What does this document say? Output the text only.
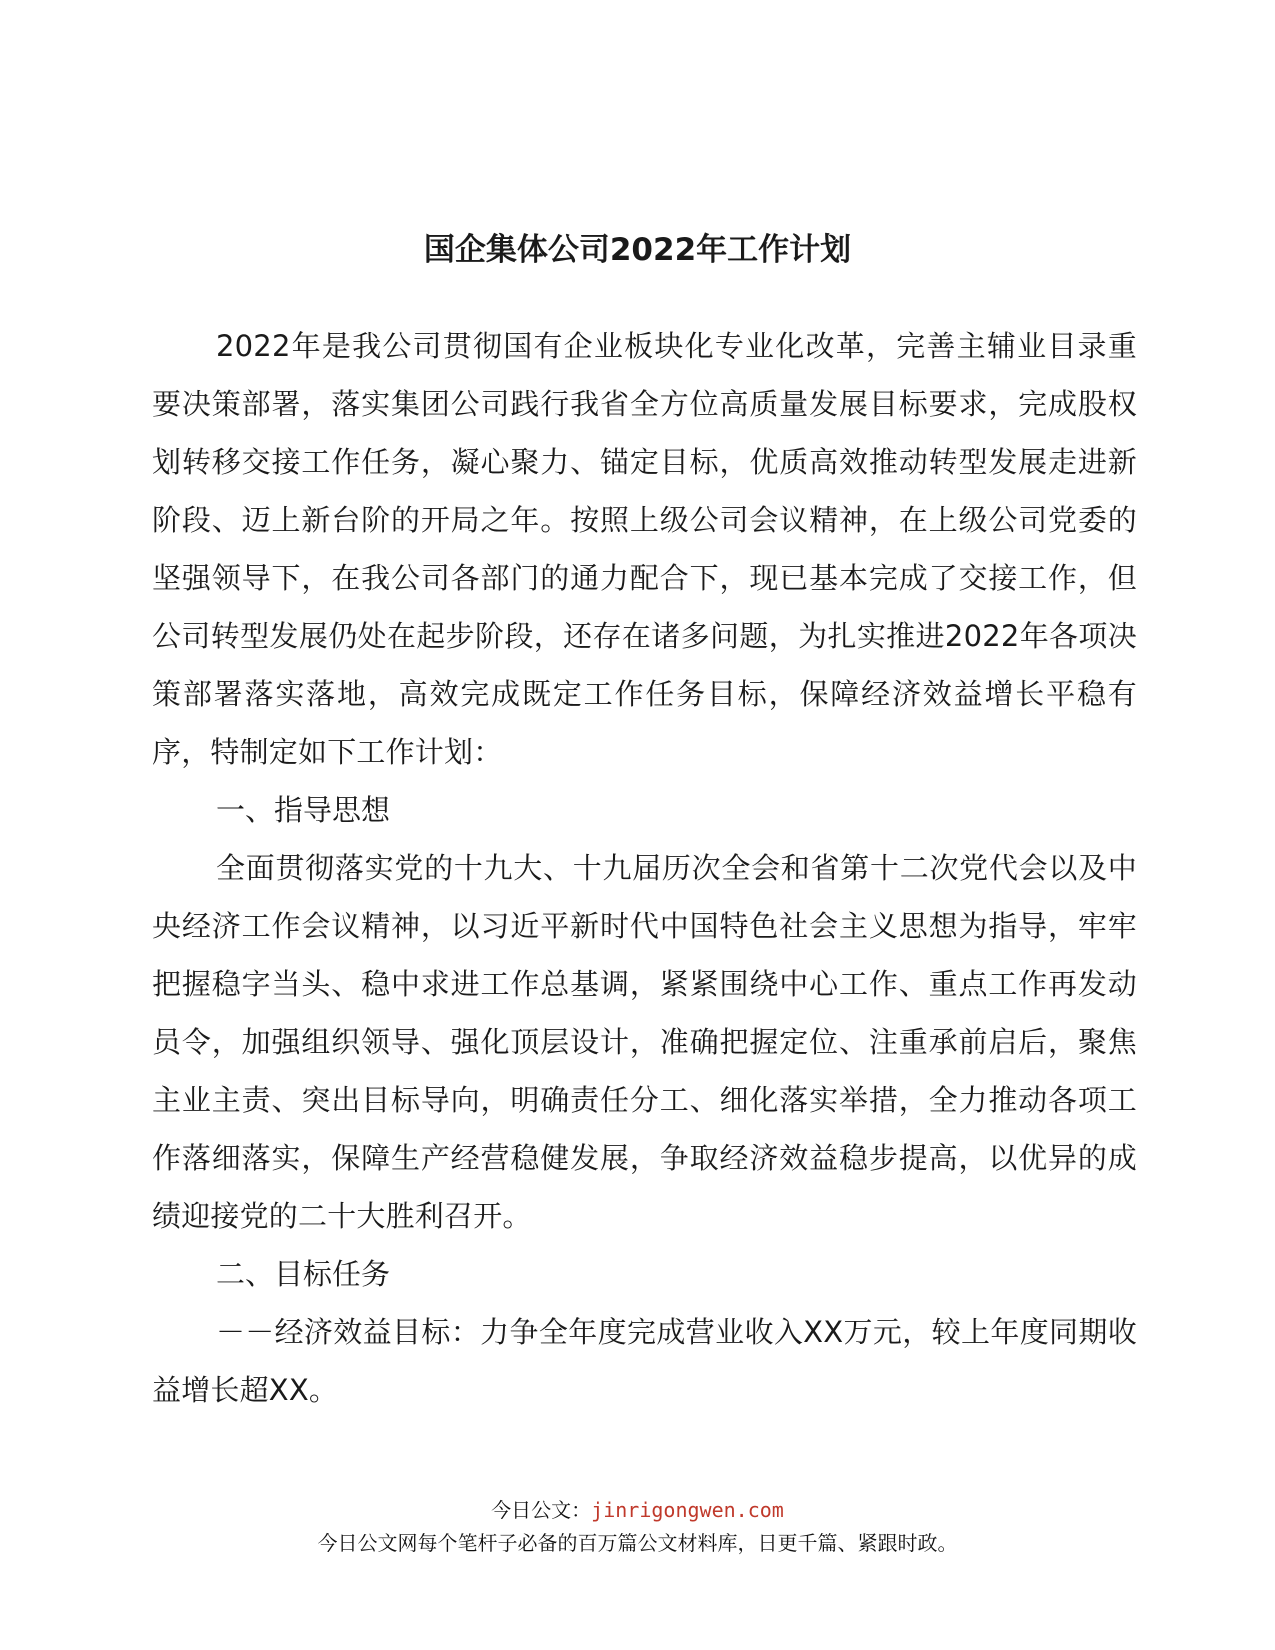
国企集体公司2022年工作计划

2022年是我公司贯彻国有企业板块化专业化改革，完善主辅业目录重要决策部署，落实集团公司践行我省全方位高质量发展目标要求，完成股权划转移交接工作任务，凝心聚力、锚定目标，优质高效推动转型发展走进新阶段、迈上新台阶的开局之年。按照上级公司会议精神，在上级公司党委的坚强领导下，在我公司各部门的通力配合下，现已基本完成了交接工作，但公司转型发展仍处在起步阶段，还存在诸多问题，为扎实推进2022年各项决策部署落实落地，高效完成既定工作任务目标，保障经济效益增长平稳有序，特制定如下工作计划：

一、指导思想

全面贯彻落实党的十九大、十九届历次全会和省第十二次党代会以及中央经济工作会议精神，以习近平新时代中国特色社会主义思想为指导，牢牢把握稳字当头、稳中求进工作总基调，紧紧围绕中心工作、重点工作再发动员令，加强组织领导、强化顶层设计，准确把握定位、注重承前启后，聚焦主业主责、突出目标导向，明确责任分工、细化落实举措，全力推动各项工作落细落实，保障生产经营稳健发展，争取经济效益稳步提高，以优异的成绩迎接党的二十大胜利召开。

二、目标任务

－－经济效益目标：力争全年度完成营业收入XX万元，较上年度同期收益增长超XX。

今日公文：jinrigongwen.com
今日公文网每个笔杆子必备的百万篇公文材料库，日更千篇、紧跟时政。
